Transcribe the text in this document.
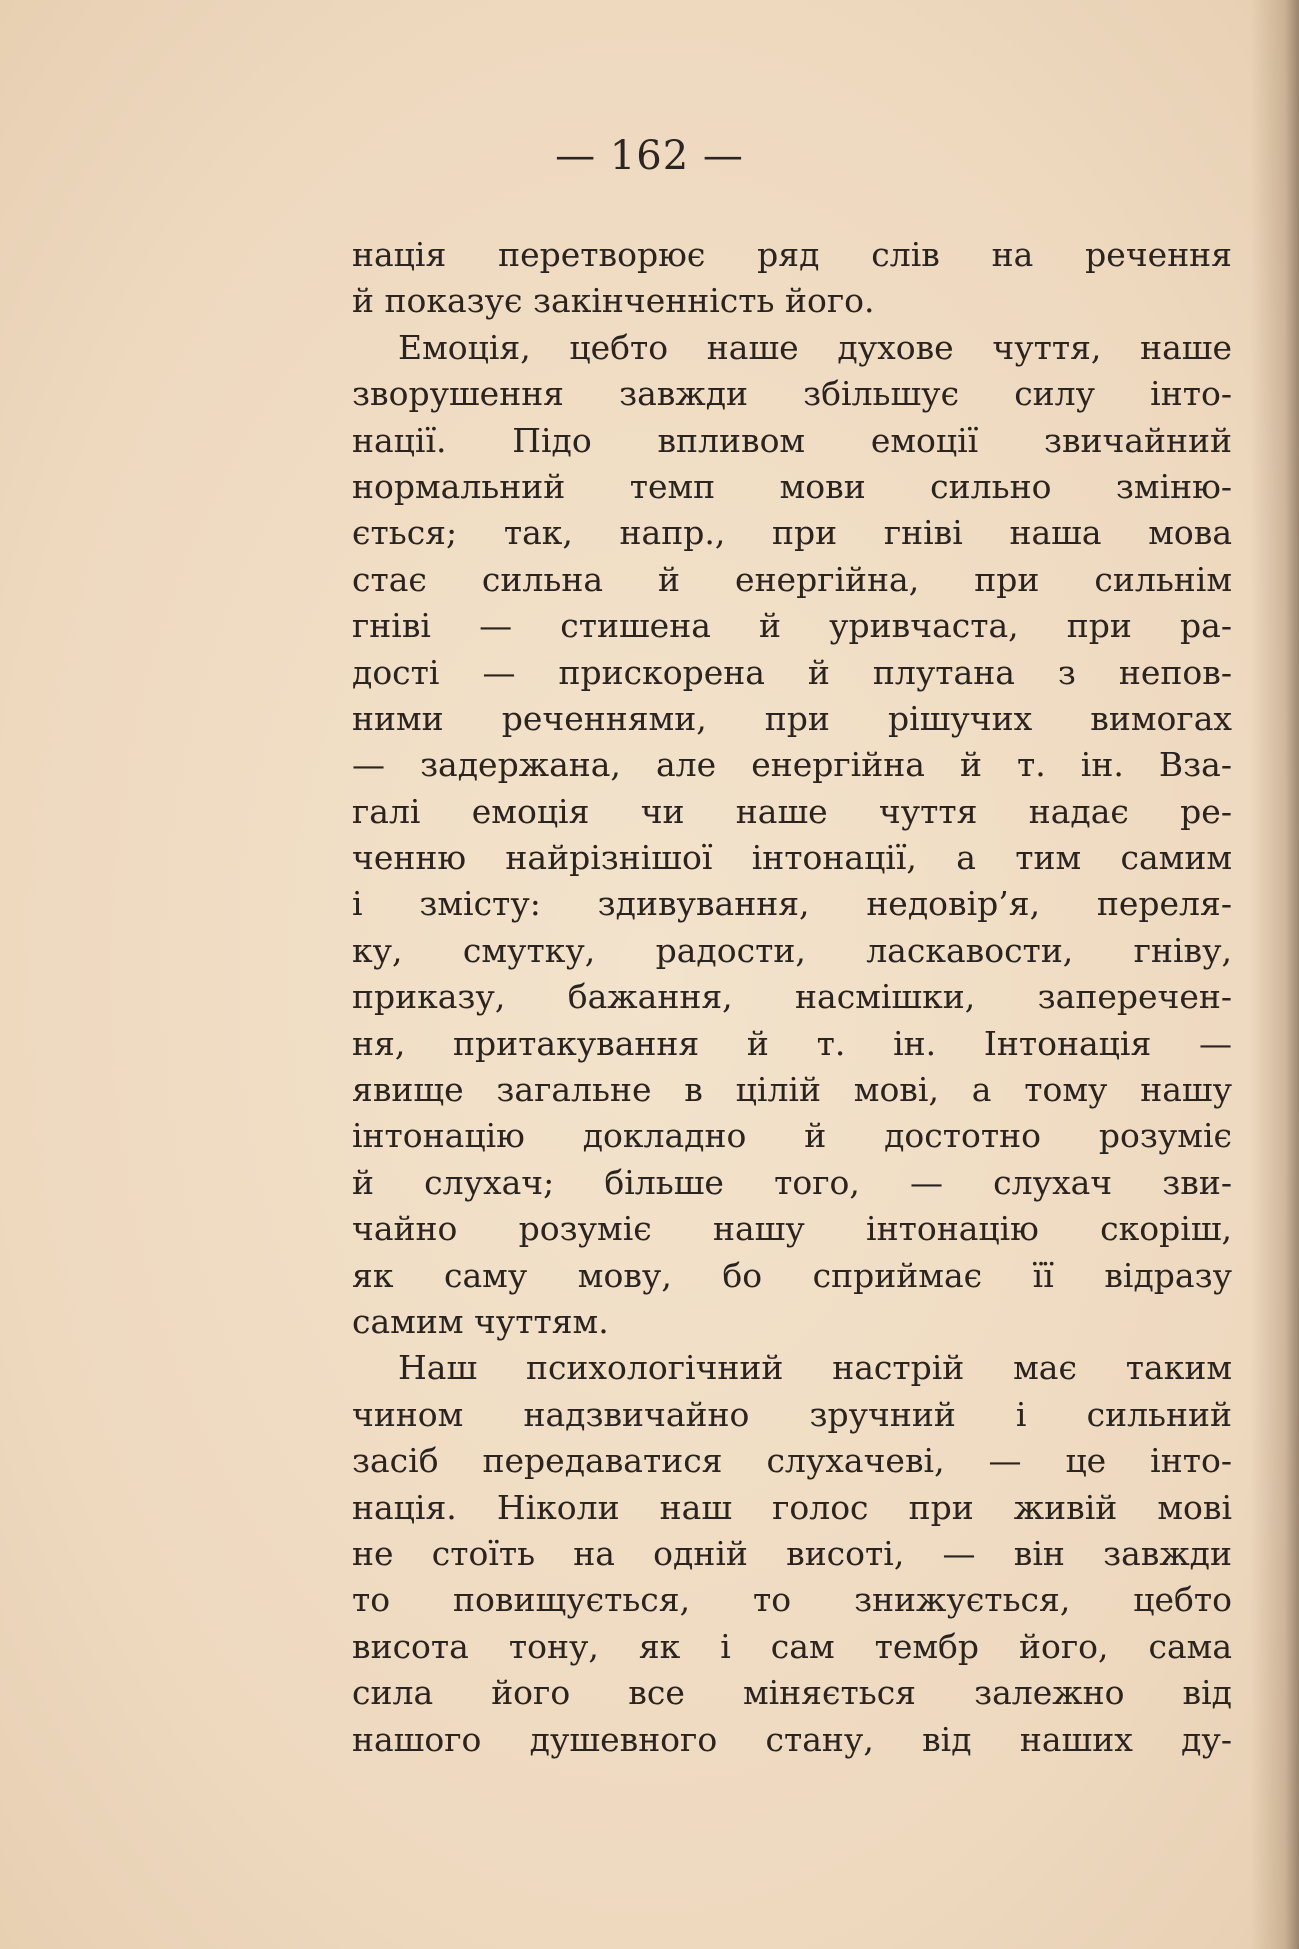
— 162 —
нація перетворює ряд слів на речення
й показує закінченність його.
Емоція, цебто наше духове чуття, наше
зворушення завжди збільшує силу інто-
нації. Підо впливом емоції звичайний
нормальний темп мови сильно зміню-
ється; так, напр., при гніві наша мова
стає сильна й енергійна, при сильнім
гніві — стишена й уривчаста, при ра-
дості — прискорена й плутана з непов-
ними реченнями, при рішучих вимогах
— задержана, але енергійна й т. ін. Вза-
галі емоція чи наше чуття надає ре-
ченню найрізнішої інтонації, а тим самим
і змісту: здивування, недовір’я, переля-
ку, смутку, радости, ласкавости, гніву,
приказу, бажання, насмішки, заперечен-
ня, притакування й т. ін. Інтонація —
явище загальне в цілій мові, а тому нашу
інтонацію докладно й достотно розуміє
й слухач; більше того, — слухач зви-
чайно розуміє нашу інтонацію скоріш,
як саму мову, бо сприймає її відразу
самим чуттям.
Наш психологічний настрій має таким
чином надзвичайно зручний і сильний
засіб передаватися слухачеві, — це інто-
нація. Ніколи наш голос при живій мові
не стоїть на одній висоті, — він завжди
то повищується, то знижується, цебто
висота тону, як і сам тембр його, сама
сила його все міняється залежно від
нашого душевного стану, від наших ду-
